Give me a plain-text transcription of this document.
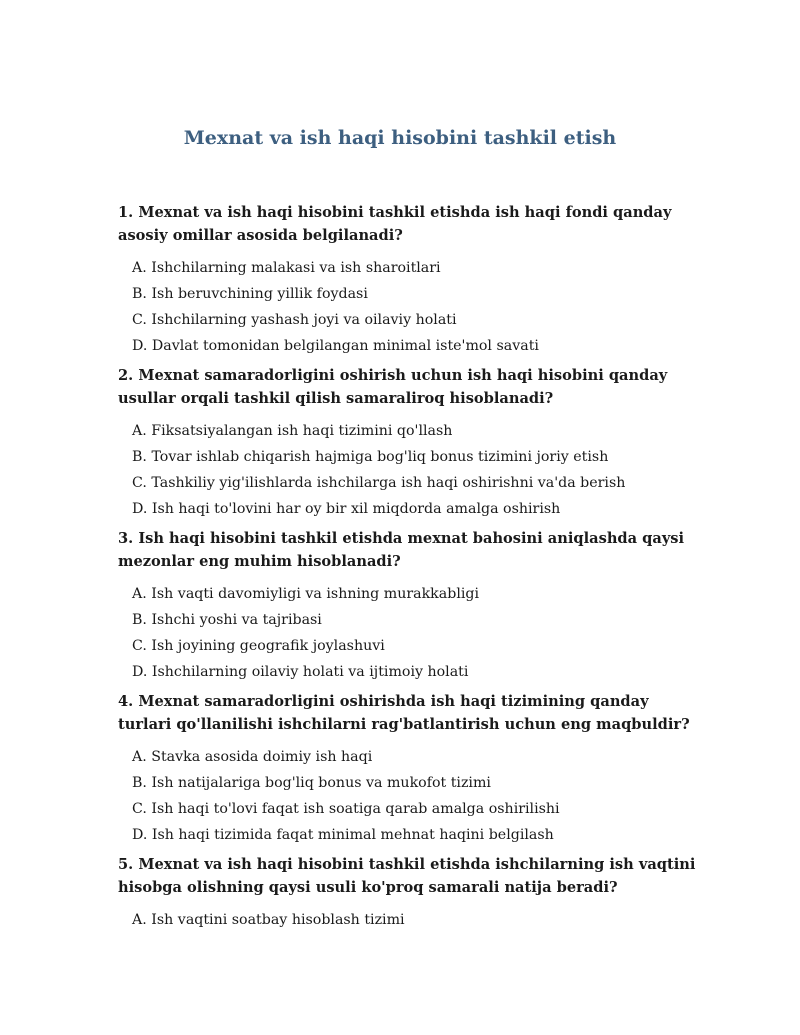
Mexnat va ish haqi hisobini tashkil etish

1. Mexnat va ish haqi hisobini tashkil etishda ish haqi fondi qanday asosiy omillar asosida belgilanadi?

A. Ishchilarning malakasi va ish sharoitlari
B. Ish beruvchining yillik foydasi
C. Ishchilarning yashash joyi va oilaviy holati
D. Davlat tomonidan belgilangan minimal iste'mol savati

2. Mexnat samaradorligini oshirish uchun ish haqi hisobini qanday usullar orqali tashkil qilish samaraliroq hisoblanadi?

A. Fiksatsiyalangan ish haqi tizimini qo'llash
B. Tovar ishlab chiqarish hajmiga bog'liq bonus tizimini joriy etish
C. Tashkiliy yig'ilishlarda ishchilarga ish haqi oshirishni va'da berish
D. Ish haqi to'lovini har oy bir xil miqdorda amalga oshirish

3. Ish haqi hisobini tashkil etishda mexnat bahosini aniqlashda qaysi mezonlar eng muhim hisoblanadi?

A. Ish vaqti davomiyligi va ishning murakkabligi
B. Ishchi yoshi va tajribasi
C. Ish joyining geografik joylashuvi
D. Ishchilarning oilaviy holati va ijtimoiy holati

4. Mexnat samaradorligini oshirishda ish haqi tizimining qanday turlari qo'llanilishi ishchilarni rag'batlantirish uchun eng maqbuldir?

A. Stavka asosida doimiy ish haqi
B. Ish natijalariga bog'liq bonus va mukofot tizimi
C. Ish haqi to'lovi faqat ish soatiga qarab amalga oshirilishi
D. Ish haqi tizimida faqat minimal mehnat haqini belgilash

5. Mexnat va ish haqi hisobini tashkil etishda ishchilarning ish vaqtini hisobga olishning qaysi usuli ko'proq samarali natija beradi?

A. Ish vaqtini soatbay hisoblash tizimi
